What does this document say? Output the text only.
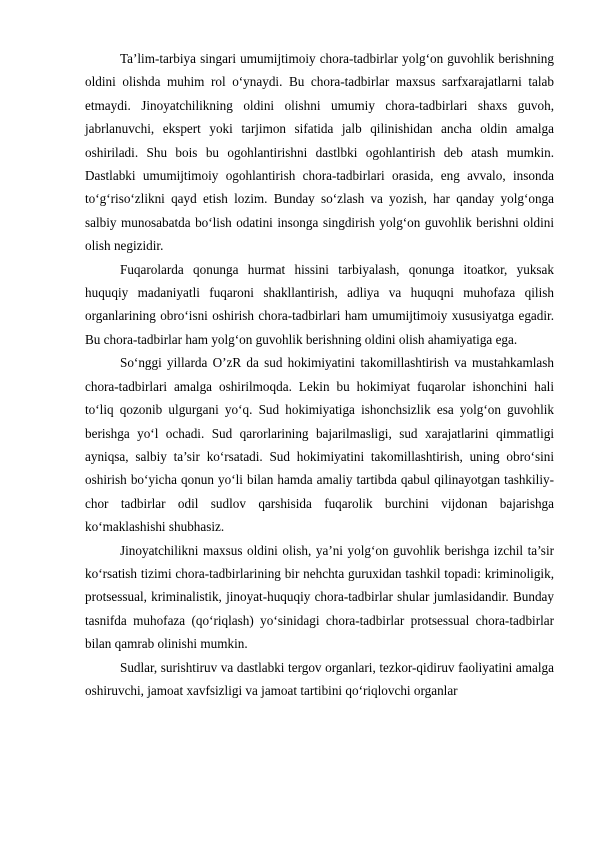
Ta’lim-tarbiya singari umumijtimoiy chora-tadbirlar yolg‘on guvohlik berishning oldini olishda muhim rol o‘ynaydi. Bu chora-tadbirlar maxsus sarfxarajatlarni talab etmaydi. Jinoyatchilikning oldini olishni umumiy chora-tadbirlari shaxs guvoh, jabrlanuvchi, ekspert yoki tarjimon sifatida jalb qilinishidan ancha oldin amalga oshiriladi. Shu bois bu ogohlantirishni dastlbki ogohlantirish deb atash mumkin. Dastlabki umumijtimoiy ogohlantirish chora-tadbirlari orasida, eng avvalo, insonda to‘g‘riso‘zlikni qayd etish lozim. Bunday so‘zlash va yozish, har qanday yolg‘onga salbiy munosabatda bo‘lish odatini insonga singdirish yolg‘on guvohlik berishni oldini olish negizidir.

Fuqarolarda qonunga hurmat hissini tarbiyalash, qonunga itoatkor, yuksak huquqiy madaniyatli fuqaroni shakllantirish, adliya va huquqni muhofaza qilish organlarining obro‘isni oshirish chora-tadbirlari ham umumijtimoiy xususiyatga egadir. Bu chora-tadbirlar ham yolg‘on guvohlik berishning oldini olish ahamiyatiga ega.

So‘nggi yillarda O’zR da sud hokimiyatini takomillashtirish va mustahkamlash chora-tadbirlari amalga oshirilmoqda. Lekin bu hokimiyat fuqarolar ishonchini hali to‘liq qozonib ulgurgani yo‘q. Sud hokimiyatiga ishonchsizlik esa yolg‘on guvohlik berishga yo‘l ochadi. Sud qarorlarining bajarilmasligi, sud xarajatlarini qimmatligi ayniqsa, salbiy ta’sir ko‘rsatadi. Sud hokimiyatini takomillashtirish, uning obro‘sini oshirish bo‘yicha qonun yo‘li bilan hamda amaliy tartibda qabul qilinayotgan tashkiliy-chor tadbirlar odil sudlov qarshisida fuqarolik burchini vijdonan bajarishga ko‘maklashishi shubhasiz.

Jinoyatchilikni maxsus oldini olish, ya’ni yolg‘on guvohlik berishga izchil ta’sir ko‘rsatish tizimi chora-tadbirlarining bir nehchta guruxidan tashkil topadi: kriminoligik, protsessual, kriminalistik, jinoyat-huquqiy chora-tadbirlar shular jumlasidandir. Bunday tasnifda muhofaza (qo‘riqlash) yo‘sinidagi chora-tadbirlar protsessual chora-tadbirlar bilan qamrab olinishi mumkin.

Sudlar, surishtiruv va dastlabki tergov organlari, tezkor-qidiruv faoliyatini amalga oshiruvchi, jamoat xavfsizligi va jamoat tartibini qo‘riqlovchi organlar
